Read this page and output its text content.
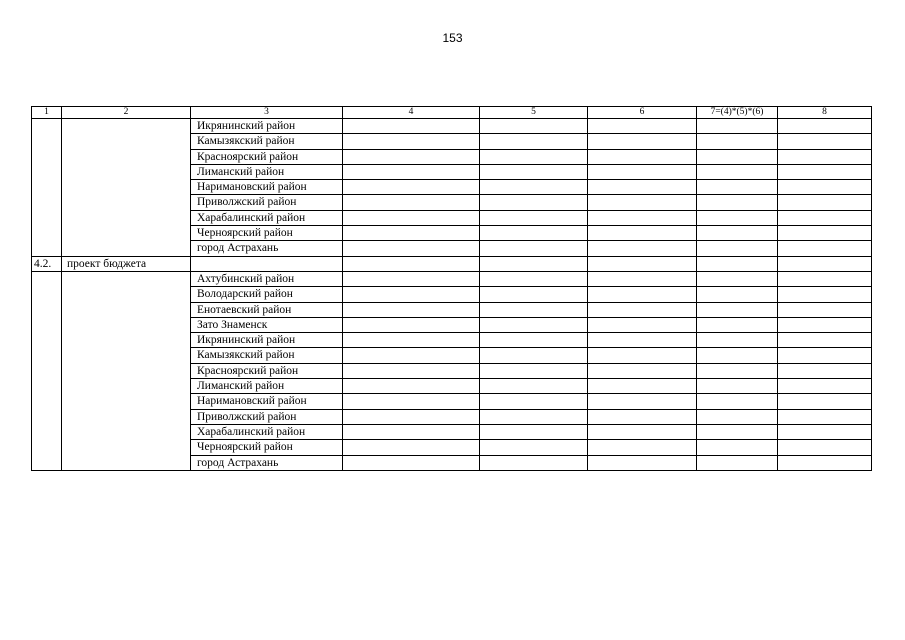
153
1	2	3	4	5	6	7=(4)*(5)*(6)	8
		Икрянинский район					
		Камызякский район					
		Красноярский район					
		Лиманский район					
		Наримановский район					
		Приволжский район					
		Харабалинский район					
		Черноярский район					
		город Астрахань					
4.2.	проект бюджета						
		Ахтубинский район					
		Володарский район					
		Енотаевский район					
		Зато Знаменск					
		Икрянинский район					
		Камызякский район					
		Красноярский район					
		Лиманский район					
		Наримановский район					
		Приволжский район					
		Харабалинский район					
		Черноярский район					
		город Астрахань					
